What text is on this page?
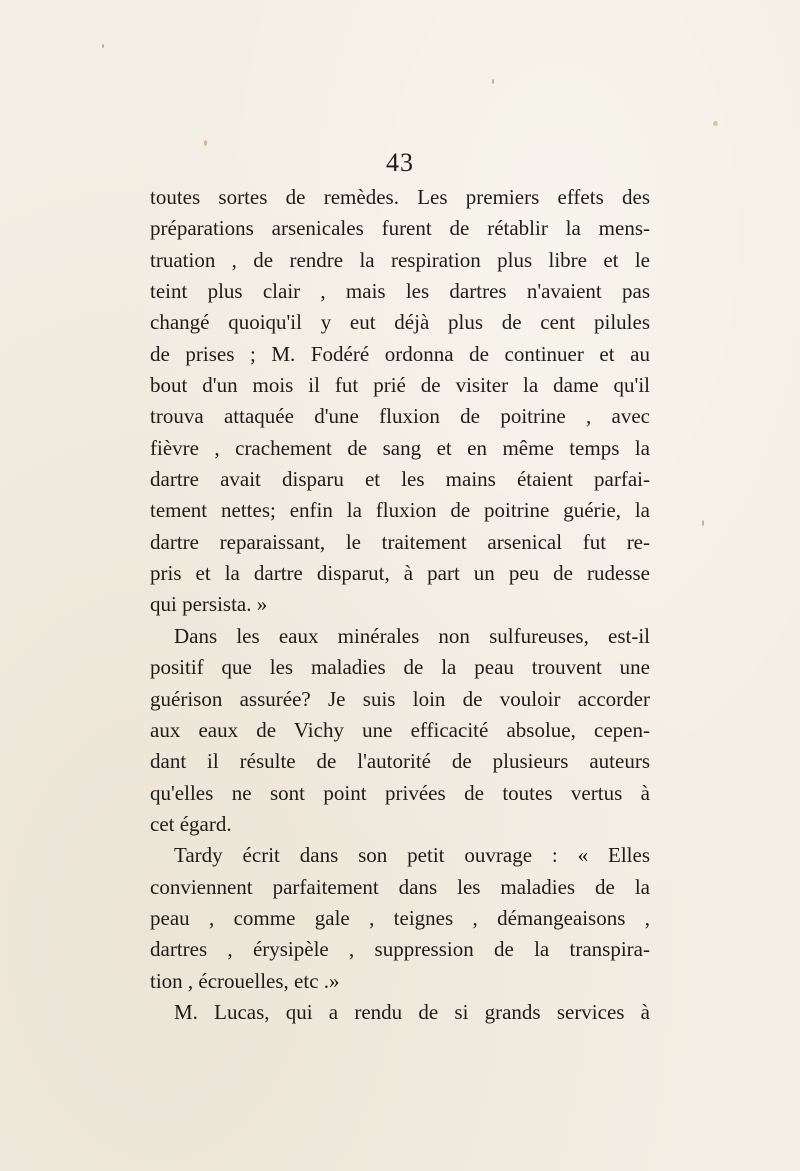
43
toutes sortes de remèdes. Les premiers effets des
préparations arsenicales furent de rétablir la mens-
truation , de rendre la respiration plus libre et le
teint plus clair , mais les dartres n'avaient pas
changé quoiqu'il y eut déjà plus de cent pilules
de prises ; M. Fodéré ordonna de continuer et au
bout d'un mois il fut prié de visiter la dame qu'il
trouva attaquée d'une fluxion de poitrine , avec
fièvre , crachement de sang et en même temps la
dartre avait disparu et les mains étaient parfai-
tement nettes; enfin la fluxion de poitrine guérie, la
dartre reparaissant, le traitement arsenical fut re-
pris et la dartre disparut, à part un peu de rudesse
qui persista. »
Dans les eaux minérales non sulfureuses, est-il
positif que les maladies de la peau trouvent une
guérison assurée? Je suis loin de vouloir accorder
aux eaux de Vichy une efficacité absolue, cepen-
dant il résulte de l'autorité de plusieurs auteurs
qu'elles ne sont point privées de toutes vertus à
cet égard.
Tardy écrit dans son petit ouvrage : « Elles
conviennent parfaitement dans les maladies de la
peau , comme gale , teignes , démangeaisons ,
dartres , érysipèle , suppression de la transpira-
tion , écrouelles, etc .»
M. Lucas, qui a rendu de si grands services à
